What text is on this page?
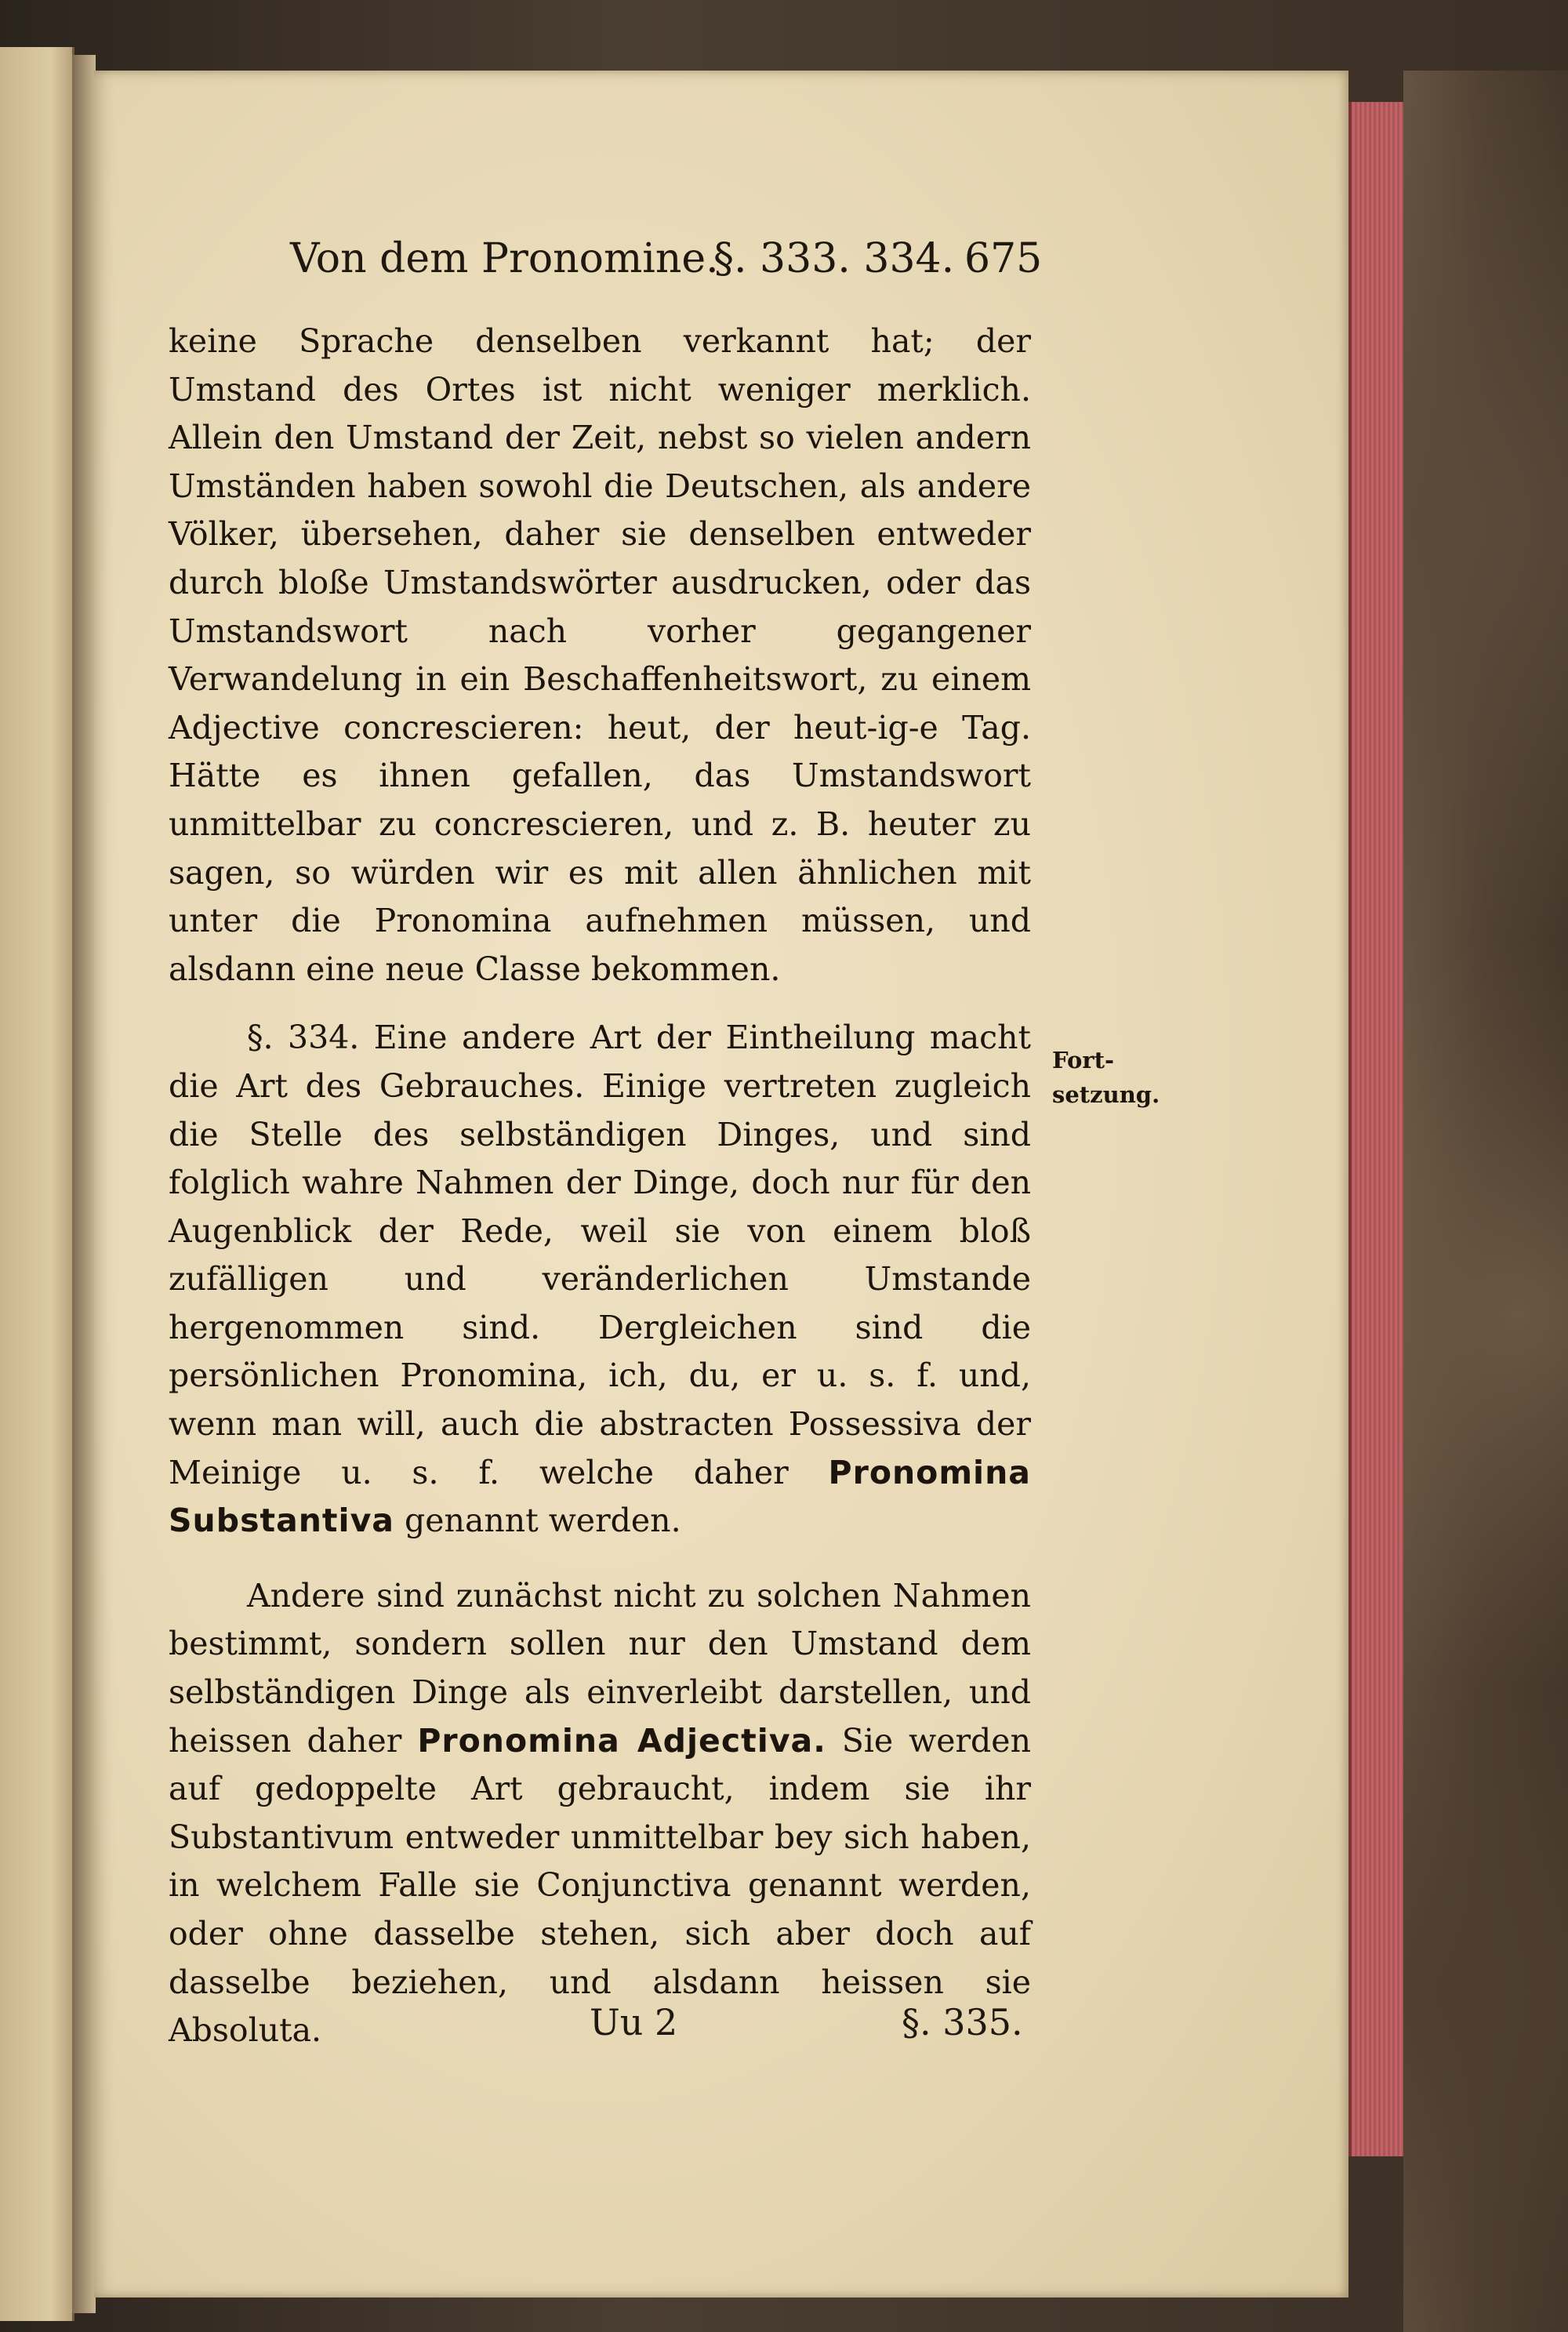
Von dem Pronomine.
§. 333. 334. 675

keine Sprache denselben verkannt hat; der Umstand des Ortes ist nicht weniger merklich. Allein den Umstand der Zeit, nebst so vielen andern Umständen haben sowohl die Deutschen, als andere Völker, übersehen, daher sie denselben entweder durch bloße Umstandswörter ausdrucken, oder das Umstandswort nach vorher gegangener Verwandelung in ein Beschaffenheitswort, zu einem Adjective concrescieren: heut, der heut-ig-e Tag. Hätte es ihnen gefallen, das Umstandswort unmittelbar zu concrescieren, und z. B. heuter zu sagen, so würden wir es mit allen ähnlichen mit unter die Pronomina aufnehmen müssen, und alsdann eine neue Classe bekommen.

§. 334. Eine andere Art der Eintheilung macht die Art des Gebrauches. Einige vertreten zugleich die Stelle des selbständigen Dinges, und sind folglich wahre Nahmen der Dinge, doch nur für den Augenblick der Rede, weil sie von einem bloß zufälligen und veränderlichen Umstande hergenommen sind. Dergleichen sind die persönlichen Pronomina, ich, du, er u. s. f. und, wenn man will, auch die abstracten Possessiva der Meinige u. s. f. welche daher Pronomina Substantiva genannt werden.

Andere sind zunächst nicht zu solchen Nahmen bestimmt, sondern sollen nur den Umstand dem selbständigen Dinge als einverleibt darstellen, und heissen daher Pronomina Adjectiva. Sie werden auf gedoppelte Art gebraucht, indem sie ihr Substantivum entweder unmittelbar bey sich haben, in welchem Falle sie Conjunctiva genannt werden, oder ohne dasselbe stehen, sich aber doch auf dasselbe beziehen, und alsdann heissen sie Absoluta.

Fort-setzung.
Uu 2	§. 335.
